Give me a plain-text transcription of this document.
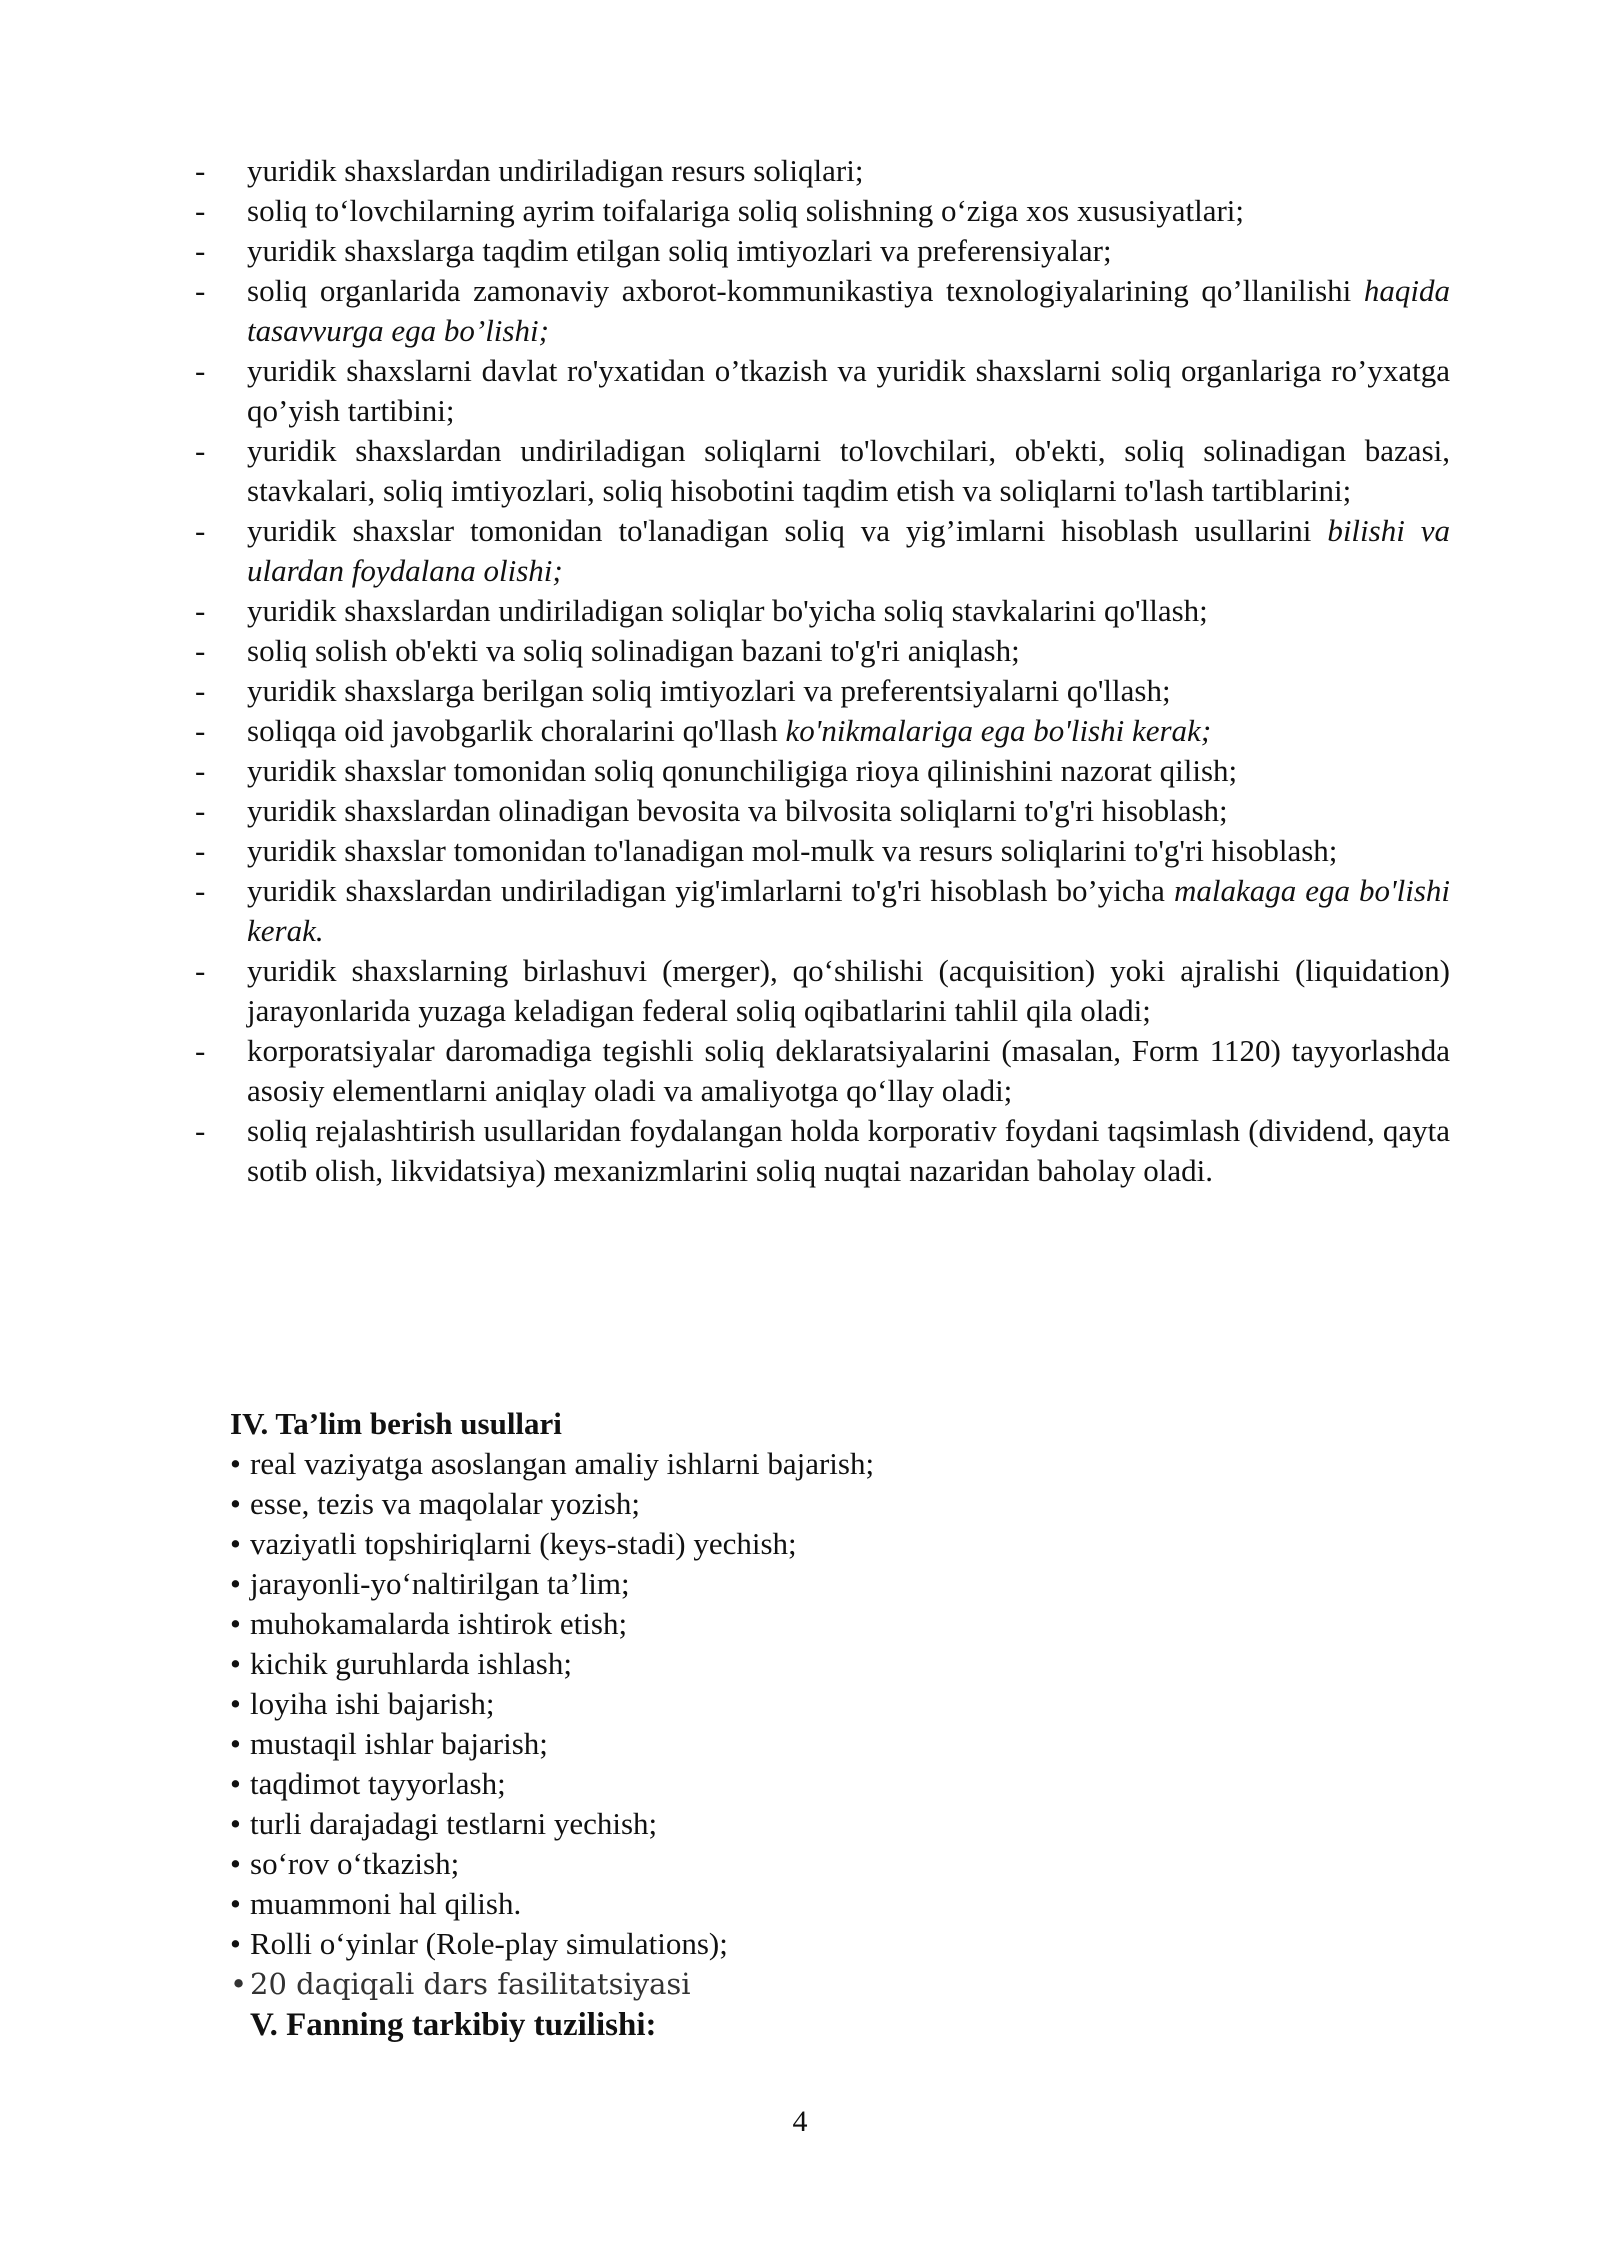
-	yuridik shaxslardan undiriladigan resurs soliqlari;
-	soliq to‘lovchilarning ayrim toifalariga soliq solishning o‘ziga xos xususiyatlari;
-	yuridik shaxslarga taqdim etilgan soliq imtiyozlari va preferensiyalar;
-	soliq organlarida zamonaviy axborot-kommunikastiya texnologiyalarining qo’llanilishi haqida tasavvurga ega bo’lishi;
-	yuridik shaxslarni davlat ro'yxatidan o’tkazish va yuridik shaxslarni soliq organlariga ro’yxatga qo’yish tartibini;
-	yuridik shaxslardan undiriladigan soliqlarni to'lovchilari, ob'ekti, soliq solinadigan bazasi, stavkalari, soliq imtiyozlari, soliq hisobotini taqdim etish va soliqlarni to'lash tartiblarini;
-	yuridik shaxslar tomonidan to'lanadigan soliq va yig’imlarni hisoblash usullarini bilishi va ulardan foydalana olishi;
-	yuridik shaxslardan undiriladigan soliqlar bo'yicha soliq stavkalarini qo'llash;
-	soliq solish ob'ekti va soliq solinadigan bazani to'g'ri aniqlash;
-	yuridik shaxslarga berilgan soliq imtiyozlari va preferentsiyalarni qo'llash;
-	soliqqa oid javobgarlik choralarini qo'llash ko'nikmalariga ega bo'lishi kerak;
-	yuridik shaxslar tomonidan soliq qonunchiligiga rioya qilinishini nazorat qilish;
-	yuridik shaxslardan olinadigan bevosita va bilvosita soliqlarni to'g'ri hisoblash;
-	yuridik shaxslar tomonidan to'lanadigan mol-mulk va resurs soliqlarini to'g'ri hisoblash;
-	yuridik shaxslardan undiriladigan yig'imlarlarni to'g'ri hisoblash bo’yicha malakaga ega bo'lishi kerak.
-	yuridik shaxslarning birlashuvi (merger), qo‘shilishi (acquisition) yoki ajralishi (liquidation) jarayonlarida yuzaga keladigan federal soliq oqibatlarini tahlil qila oladi;
-	korporatsiyalar daromadiga tegishli soliq deklaratsiyalarini (masalan, Form 1120) tayyorlashda asosiy elementlarni aniqlay oladi va amaliyotga qo‘llay oladi;
-	soliq rejalashtirish usullaridan foydalangan holda korporativ foydani taqsimlash (dividend, qayta sotib olish, likvidatsiya) mexanizmlarini soliq nuqtai nazaridan baholay oladi.
IV. Ta’lim berish usullari
• real vaziyatga asoslangan amaliy ishlarni bajarish;
• esse, tezis va maqolalar yozish;
• vaziyatli topshiriqlarni (keys-stadi) yechish;
• jarayonli-yo‘naltirilgan ta’lim;
• muhokamalarda ishtirok etish;
• kichik guruhlarda ishlash;
• loyiha ishi bajarish;
• mustaqil ishlar bajarish;
• taqdimot tayyorlash;
• turli darajadagi testlarni yechish;
• so‘rov o‘tkazish;
• muammoni hal qilish.
• Rolli o‘yinlar (Role-play simulations);
• 20 daqiqali dars fasilitatsiyasi
V. Fanning tarkibiy tuzilishi:
4
